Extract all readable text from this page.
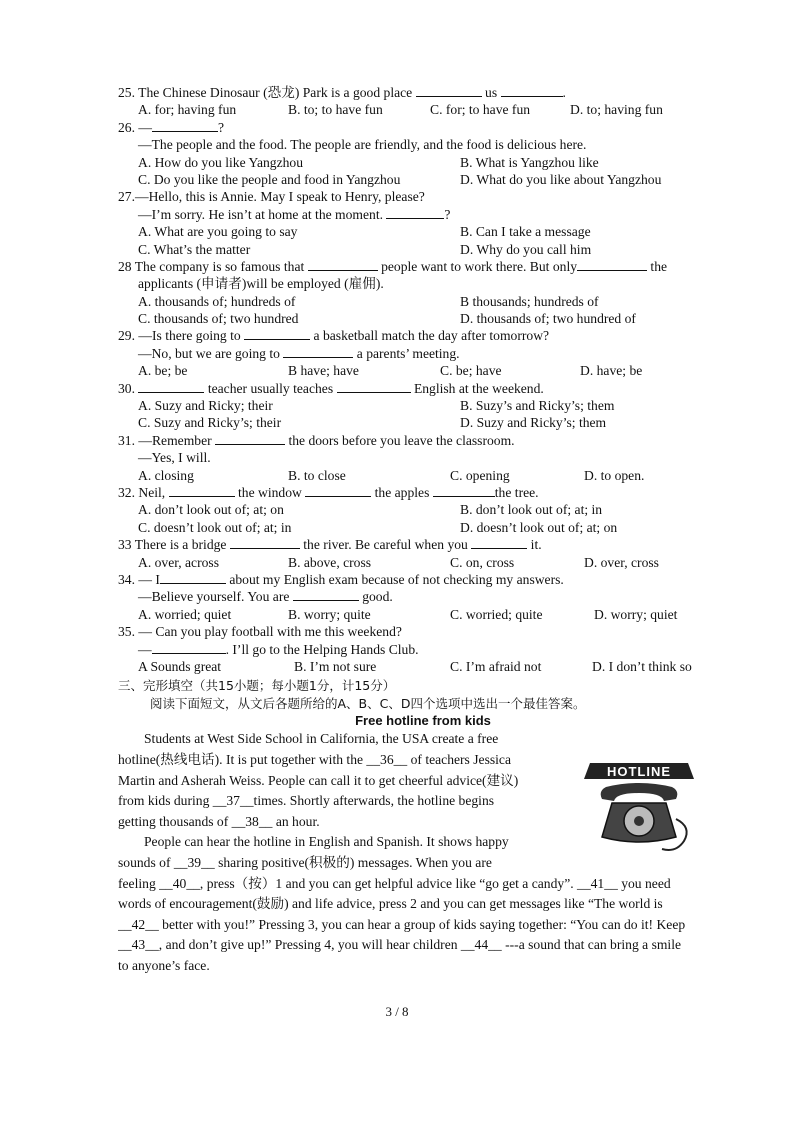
25. The Chinese Dinosaur (恐龙) Park is a good place	us	.
A. for; having fun	B. to; to have fun	C. for; to have fun	D. to; having fun
26. —	?
—The people and the food. The people are friendly, and the food is delicious here.
A. How do you like Yangzhou	B. What is Yangzhou like
C. Do you like the people and food in Yangzhou	D. What do you like about Yangzhou
27.—Hello, this is Annie. May I speak to Henry, please?
—I’m sorry. He isn’t at home at the moment.	?
A. What are you going to say	B. Can I take a message
C. What’s the matter	D. Why do you call him
28 The company is so famous that	people want to work there. But only	the
applicants (申请者)will be employed (雇佣).
A. thousands of; hundreds of	B thousands; hundreds of
C. thousands of; two hundred	D. thousands of; two hundred of
29. —Is there going to	a basketball match the day after tomorrow?
—No, but we are going to	a parents’ meeting.
A. be; be	B have; have	C. be; have	D. have; be
30.	teacher usually teaches	English at the weekend.
A. Suzy and Ricky; their	B. Suzy’s and Ricky’s; them
C. Suzy and Ricky’s; their	D. Suzy and Ricky’s; them
31. —Remember	the doors before you leave the classroom.
—Yes, I will.
A. closing	B. to close	C. opening	D. to open.
32. Neil,	the window	the apples	the tree.
A. don’t look out of; at; on	B. don’t look out of; at; in
C. doesn’t look out of; at; in	D. doesn’t look out of; at; on
33 There is a bridge	the river. Be careful when you	it.
A. over, across	B. above, cross	C. on, cross	D. over, cross
34. — I	about my English exam because of not checking my answers.
—Believe yourself. You are	good.
A. worried; quiet	B. worry; quite	C. worried; quite	D. worry; quiet
35. — Can you play football with me this weekend?
—	. I’ll go to the Helping Hands Club.
A Sounds great	B. I’m not sure	C. I’m afraid not	D. I don’t think so
三、完形填空（共15小题；每小题1分，计15分）
阅读下面短文，从文后各题所给的A、B、C、D四个选项中选出一个最佳答案。
Free hotline from kids
Students at West Side School in California, the USA create a free
hotline(热线电话). It is put together with the __36__ of teachers Jessica
Martin and Asherah Weiss. People can call it to get cheerful advice(建议)
from kids during __37__times. Shortly afterwards, the hotline begins
getting thousands of __38__ an hour.
People can hear the hotline in English and Spanish. It shows happy
sounds of __39__ sharing positive(积极的) messages. When you are
feeling __40__, press（按）1 and you can get helpful advice like “go get a candy”. __41__ you need
words of encouragement(鼓励) and life advice, press 2 and you can get messages like “The world is
__42__ better with you!” Pressing 3, you can hear a group of kids saying together: “You can do it! Keep
__43__, and don’t give up!” Pressing 4, you will hear children __44__ ---a sound that can bring a smile
to anyone’s face.
HOTLINE
3 / 8
